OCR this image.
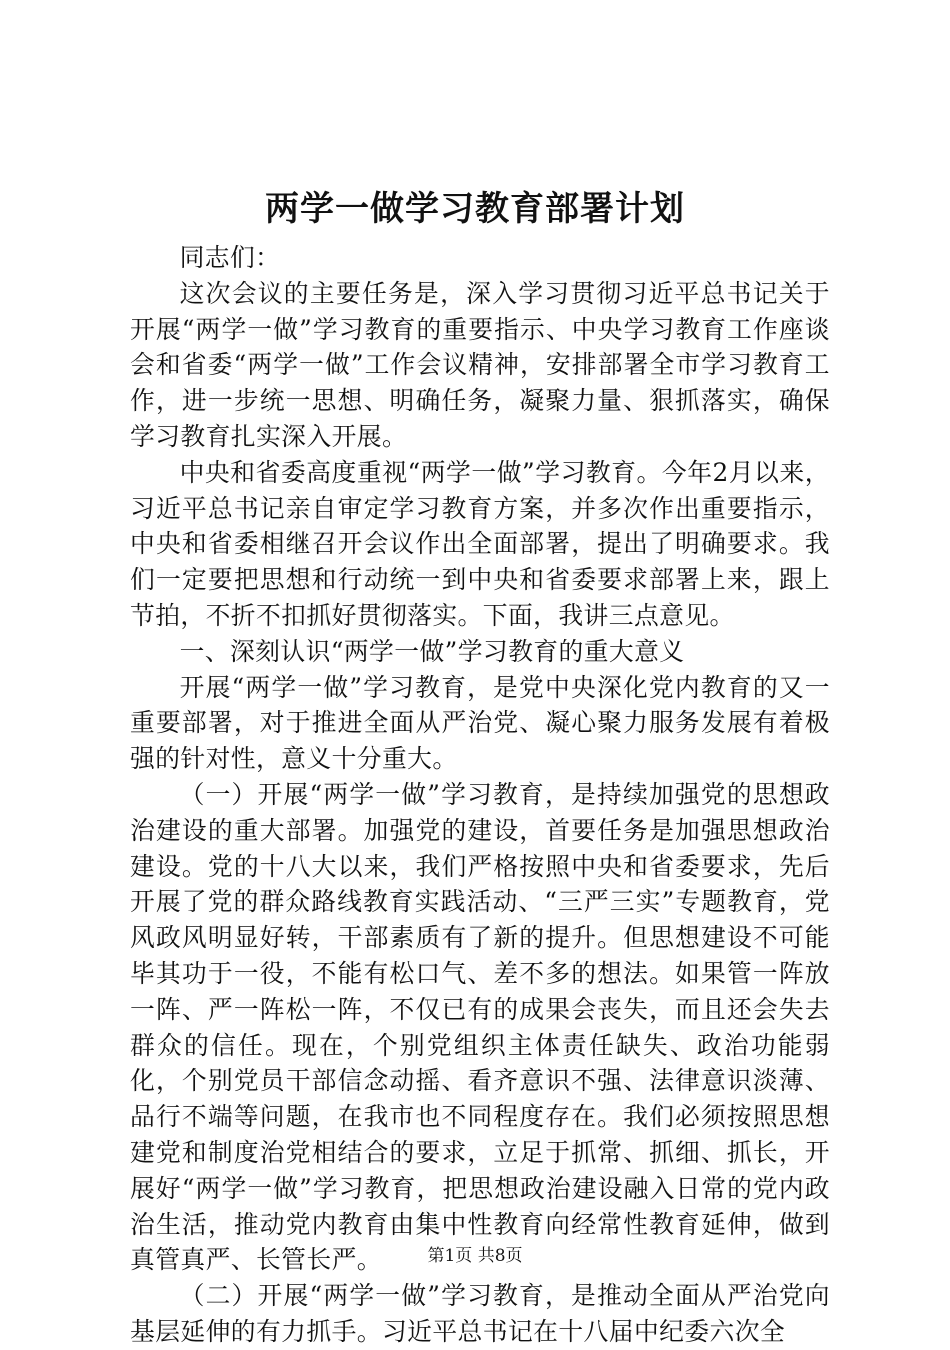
两学一做学习教育部署计划

同志们：

这次会议的主要任务是，深入学习贯彻习近平总书记关于开展“两学一做”学习教育的重要指示、中央学习教育工作座谈会和省委“两学一做”工作会议精神，安排部署全市学习教育工作，进一步统一思想、明确任务，凝聚力量、狠抓落实，确保学习教育扎实深入开展。

中央和省委高度重视“两学一做”学习教育。今年2月以来，习近平总书记亲自审定学习教育方案，并多次作出重要指示，中央和省委相继召开会议作出全面部署，提出了明确要求。我们一定要把思想和行动统一到中央和省委要求部署上来，跟上节拍，不折不扣抓好贯彻落实。下面，我讲三点意见。

一、深刻认识“两学一做”学习教育的重大意义

开展“两学一做”学习教育，是党中央深化党内教育的又一重要部署，对于推进全面从严治党、凝心聚力服务发展有着极强的针对性，意义十分重大。

（一）开展“两学一做”学习教育，是持续加强党的思想政治建设的重大部署。加强党的建设，首要任务是加强思想政治建设。党的十八大以来，我们严格按照中央和省委要求，先后开展了党的群众路线教育实践活动、“三严三实”专题教育，党风政风明显好转，干部素质有了新的提升。但思想建设不可能毕其功于一役，不能有松口气、差不多的想法。如果管一阵放一阵、严一阵松一阵，不仅已有的成果会丧失，而且还会失去群众的信任。现在，个别党组织主体责任缺失、政治功能弱化，个别党员干部信念动摇、看齐意识不强、法律意识淡薄、品行不端等问题，在我市也不同程度存在。我们必须按照思想建党和制度治党相结合的要求，立足于抓常、抓细、抓长，开展好“两学一做”学习教育，把思想政治建设融入日常的党内政治生活，推动党内教育由集中性教育向经常性教育延伸，做到真管真严、长管长严。

（二）开展“两学一做”学习教育，是推动全面从严治党向基层延伸的有力抓手。习近平总书记在十八届中纪委六次全

第1页 共8页
